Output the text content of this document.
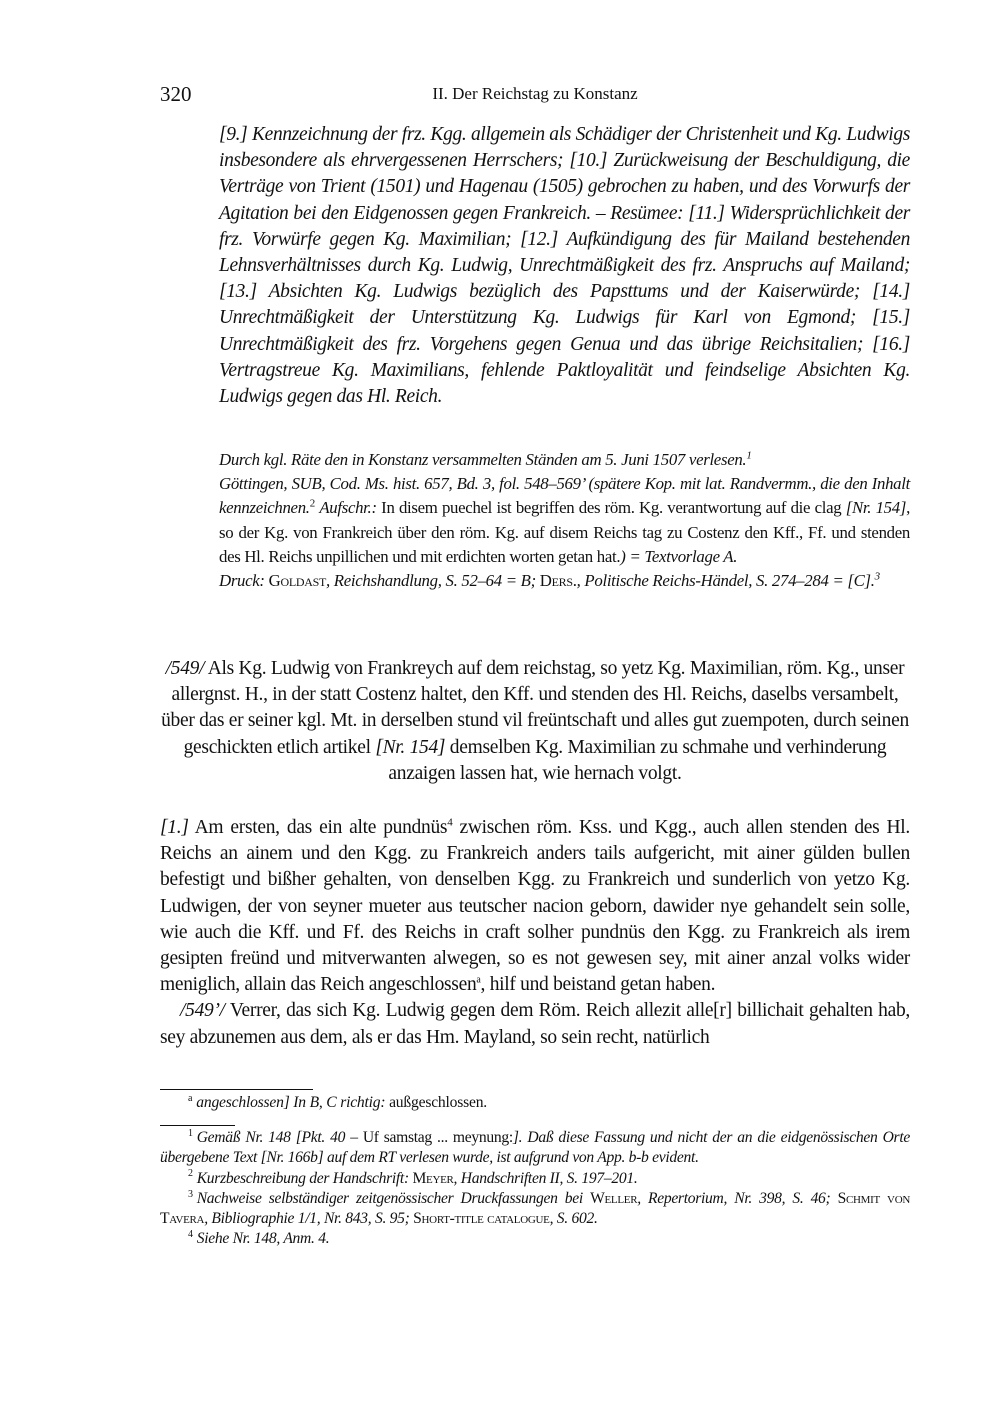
320	II. Der Reichstag zu Konstanz
[9.] Kennzeichnung der frz. Kgg. allgemein als Schädiger der Christenheit und Kg. Ludwigs insbesondere als ehrvergessenen Herrschers; [10.] Zurückweisung der Beschuldigung, die Verträge von Trient (1501) und Hagenau (1505) gebrochen zu haben, und des Vorwurfs der Agitation bei den Eidgenossen gegen Frankreich. – Resümee: [11.] Widersprüchlichkeit der frz. Vorwürfe gegen Kg. Maximilian; [12.] Aufkündigung des für Mailand bestehenden Lehnsverhältnisses durch Kg. Ludwig, Unrechtmäßigkeit des frz. Anspruchs auf Mailand; [13.] Absichten Kg. Ludwigs bezüglich des Papsttums und der Kaiserwürde; [14.] Unrechtmäßigkeit der Unterstützung Kg. Ludwigs für Karl von Egmond; [15.] Unrechtmäßigkeit des frz. Vorgehens gegen Genua und das übrige Reichsitalien; [16.] Vertragstreue Kg. Maximilians, fehlende Paktloyalität und feindselige Absichten Kg. Ludwigs gegen das Hl. Reich.
Durch kgl. Räte den in Konstanz versammelten Ständen am 5. Juni 1507 verlesen.$^1$
Göttingen, SUB, Cod. Ms. hist. 657, Bd. 3, fol. 548–569’ (spätere Kop. mit lat. Randvermm., die den Inhalt kennzeichnen.$^2$ Aufschr.: In disem puechel ist begriffen des röm. Kg. verantwortung auf die clag [Nr. 154], so der Kg. von Frankreich über den röm. Kg. auf disem Reichs tag zu Costenz den Kff., Ff. und stenden des Hl. Reichs unpillichen und mit erdichten worten getan hat.) = Textvorlage A.
Druck: Goldast, Reichshandlung, S. 52–64 = B; Ders., Politische Reichs-Händel, S. 274–284 = [C].$^3$
/549/ Als Kg. Ludwig von Frankreych auf dem reichstag, so yetz Kg. Maximilian, röm. Kg., unser allergnst. H., in der statt Costenz haltet, den Kff. und stenden des Hl. Reichs, daselbs versambelt, über das er seiner kgl. Mt. in derselben stund vil freüntschaft und alles gut zuempoten, durch seinen geschickten etlich artikel [Nr. 154] demselben Kg. Maximilian zu schmahe und verhinderung anzaigen lassen hat, wie hernach volgt.

[1.] Am ersten, das ein alte pundnüs$^4$ zwischen röm. Kss. und Kgg., auch allen stenden des Hl. Reichs an ainem und den Kgg. zu Frankreich anders tails aufgericht, mit ainer gülden bullen befestigt und bißher gehalten, von denselben Kgg. zu Frankreich und sunderlich von yetzo Kg. Ludwigen, der von seyner mueter aus teutscher nacion geborn, dawider nye gehandelt sein solle, wie auch die Kff. und Ff. des Reichs in craft solher pundnüs den Kgg. zu Frankreich als irem gesipten freünd und mitverwanten alwegen, so es not gewesen sey, mit ainer anzal volks wider meniglich, allain das Reich angeschlossen$^a$, hilf und beistand getan haben.

/549’/ Verrer, das sich Kg. Ludwig gegen dem Röm. Reich allezit alle[r] billichait gehalten hab, sey abzunemen aus dem, als er das Hm. Mayland, so sein recht, natürlich

$^a$ angeschlossen] In B, C richtig: außgeschlossen.

$^1$ Gemäß Nr. 148 [Pkt. 40 – Uf samstag ... meynung:]. Daß diese Fassung und nicht der an die eidgenössischen Orte übergebene Text [Nr. 166b] auf dem RT verlesen wurde, ist aufgrund von App. b-b evident.

$^2$ Kurzbeschreibung der Handschrift: Meyer, Handschriften II, S. 197–201.

$^3$ Nachweise selbständiger zeitgenössischer Druckfassungen bei Weller, Repertorium, Nr. 398, S. 46; Schmit von Tavera, Bibliographie 1/1, Nr. 843, S. 95; Short-title catalogue, S. 602.

$^4$ Siehe Nr. 148, Anm. 4.
